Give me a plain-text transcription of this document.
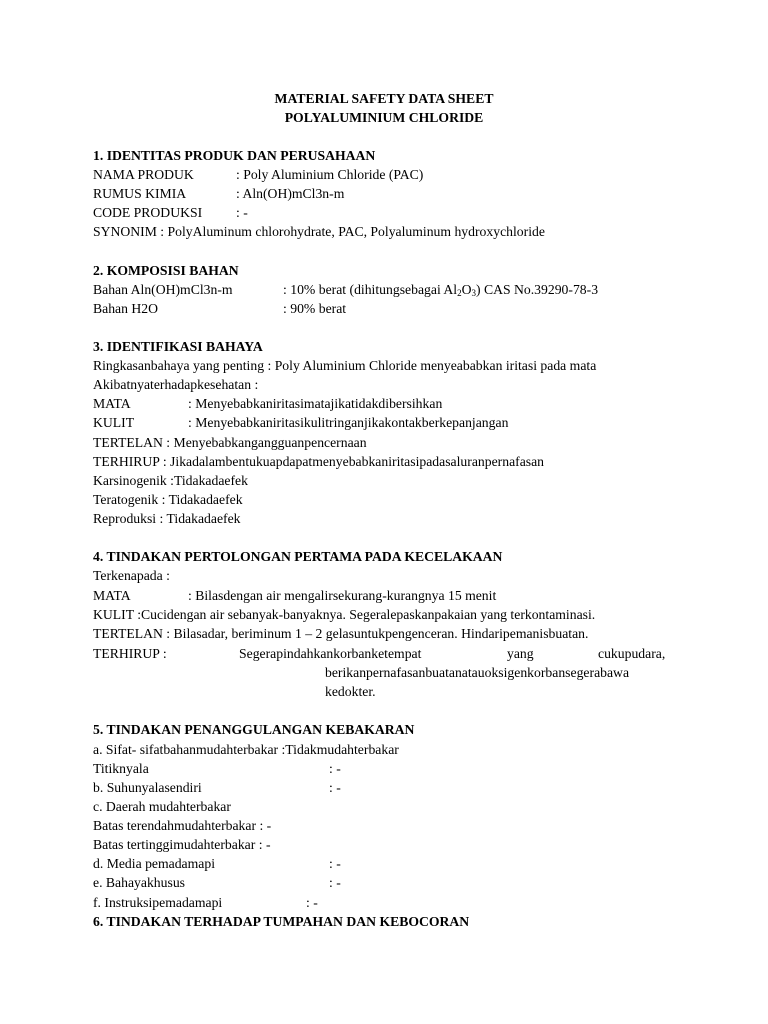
MATERIAL SAFETY DATA SHEET
POLYALUMINIUM CHLORIDE
1. IDENTITAS PRODUK DAN PERUSAHAAN
NAMA PRODUK	: Poly Aluminium Chloride (PAC)
RUMUS KIMIA	: Aln(OH)mCl3n-m
CODE PRODUKSI : -
SYNONIM : PolyAluminum chlorohydrate, PAC, Polyaluminum hydroxychloride
2. KOMPOSISI BAHAN
Bahan Aln(OH)mCl3n-m	: 10% berat (dihitungsebagai $Al_2O_3$) CAS No.39290-78-3
Bahan H2O	: 90% berat
3. IDENTIFIKASI BAHAYA
Ringkasanbahaya yang penting : Poly Aluminium Chloride menyeababkan iritasi pada mata
Akibatnyaterhadapkesehatan :
MATA	: Menyebabkaniritasimatajikatidakdibersihkan
KULIT	: Menyebabkaniritasikulitringanjikakontakberkepanjangan
TERTELAN : Menyebabkangangguanpencernaan
TERHIRUP : Jikadalambentukuapdapatmenyebabkaniritasipadasaluranpernafasan
Karsinogenik :Tidakadaefek
Teratogenik : Tidakadaefek
Reproduksi : Tidakadaefek
4. TINDAKAN PERTOLONGAN PERTAMA PADA KECELAKAAN
Terkenapada :
MATA	: Bilasdengan air mengalirsekurang-kurangnya 15 menit
KULIT :Cucidengan air sebanyak-banyaknya. Segeralepaskanpakaian yang terkontaminasi.
TERTELAN : Bilasadar, beriminum 1 – 2 gelasuntukpengenceran. Hindaripemanisbuatan.
TERHIRUP :	Segerapindahkankorbanketempat	yang	cukupudara,
berikanpernafasanbuatanatauoksigenkorbansegerabawa
kedokter.
5. TINDAKAN PENANGGULANGAN KEBAKARAN
a. Sifat- sifatbahanmudahterbakar :Tidakmudahterbakar
Titiknyala	: -
b. Suhunyalasendiri	: -
c. Daerah mudahterbakar
Batas terendahmudahterbakar : -
Batas tertinggimudahterbakar : -
d. Media pemadamapi	: -
e. Bahayakhusus	: -
f. Instruksipemadamapi	: -
6. TINDAKAN TERHADAP TUMPAHAN DAN KEBOCORAN
